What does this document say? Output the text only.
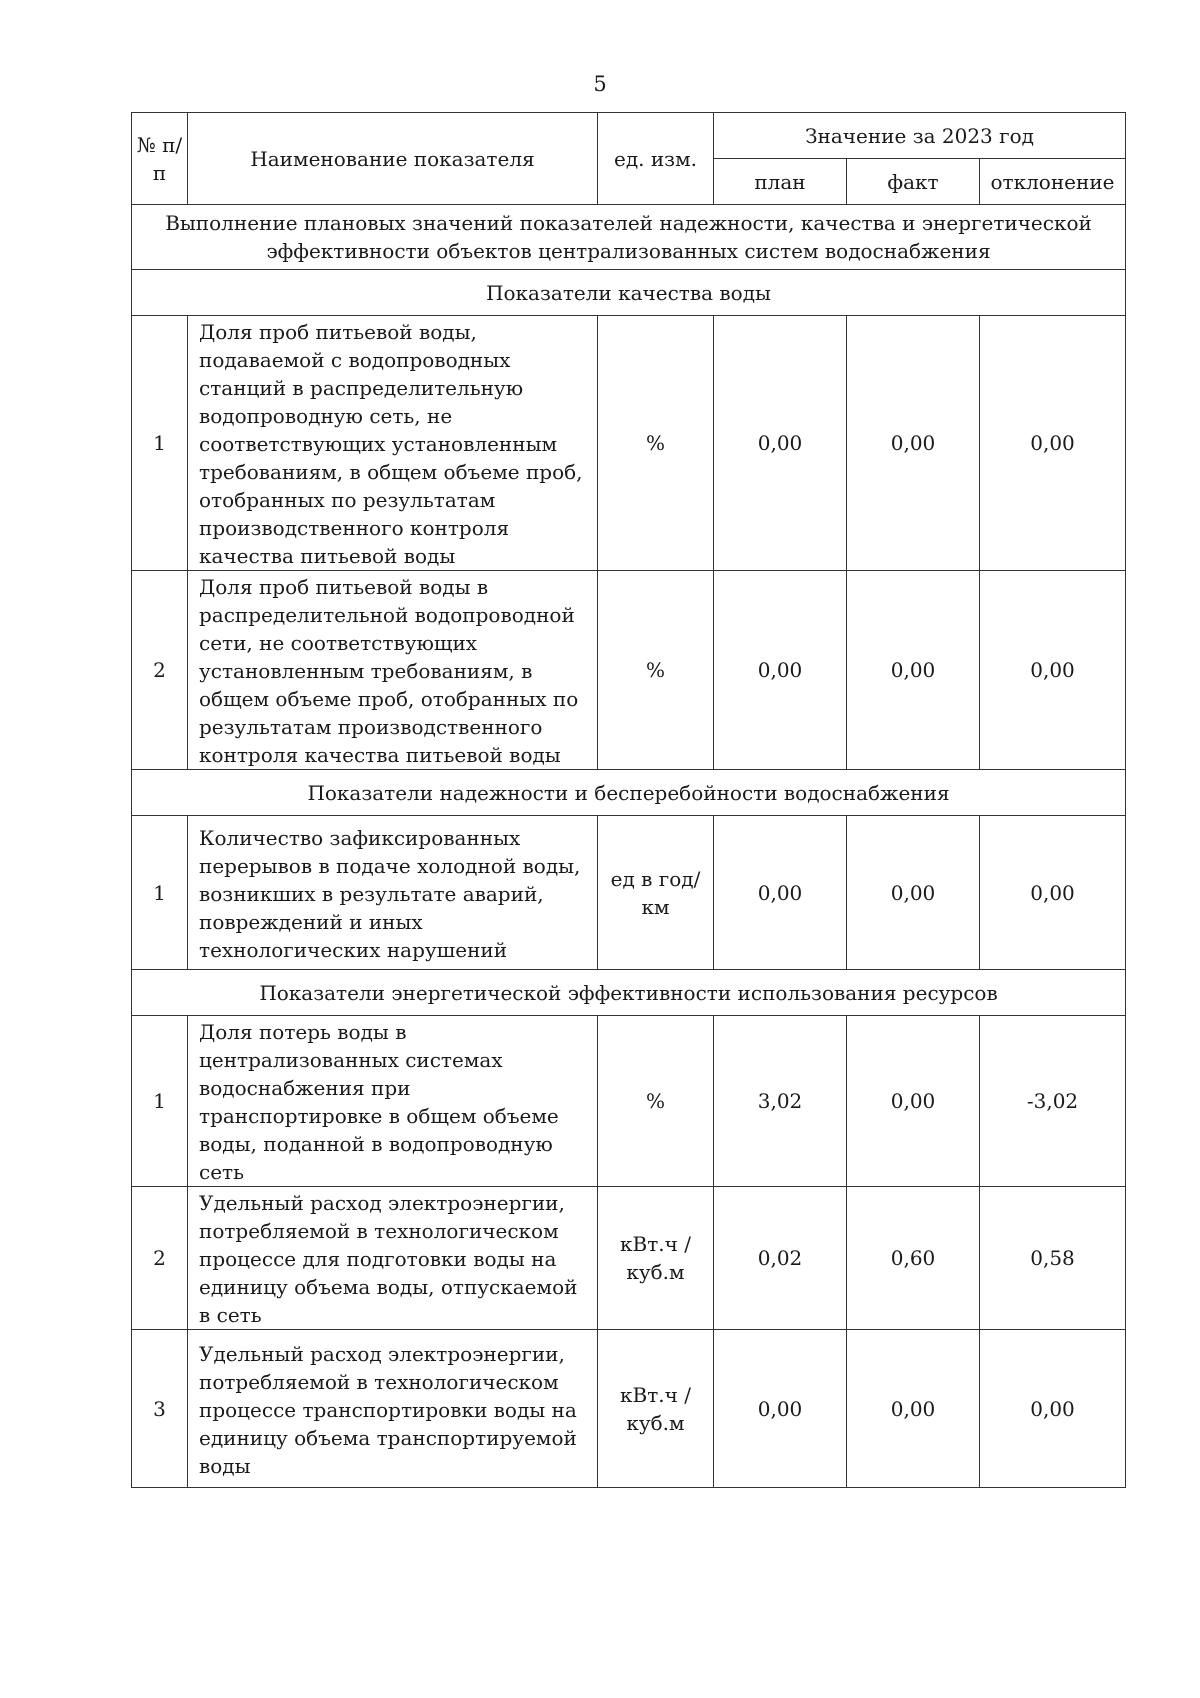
5
№ п/п	Наименование показателя	ед. изм.	Значение за 2023 год		
			план	факт	отклонение
Выполнение плановых значений показателей надежности, качества и энергетической эффективности объектов централизованных систем водоснабжения					
Показатели качества воды					
1	Доля проб питьевой воды, подаваемой с водопроводных станций в распределительную водопроводную сеть, не соответствующих установленным требованиям, в общем объеме проб, отобранных по результатам производственного контроля качества питьевой воды	%	0,00	0,00	0,00
2	Доля проб питьевой воды в распределительной водопроводной сети, не соответствующих установленным требованиям, в общем объеме проб, отобранных по результатам производственного контроля качества питьевой воды	%	0,00	0,00	0,00
Показатели надежности и бесперебойности водоснабжения					
1	Количество зафиксированных перерывов в подаче холодной воды, возникших в результате аварий, повреждений и иных технологических нарушений	ед в год/ км	0,00	0,00	0,00
Показатели энергетической эффективности использования ресурсов					
1	Доля потерь воды в централизованных системах водоснабжения при транспортировке в общем объеме воды, поданной в водопроводную сеть	%	3,02	0,00	-3,02
2	Удельный расход электроэнергии, потребляемой в технологическом процессе для подготовки воды на единицу объема воды, отпускаемой в сеть	кВт.ч / куб.м	0,02	0,60	0,58
3	Удельный расход электроэнергии, потребляемой в технологическом процессе транспортировки воды на единицу объема транспортируемой воды	кВт.ч / куб.м	0,00	0,00	0,00
